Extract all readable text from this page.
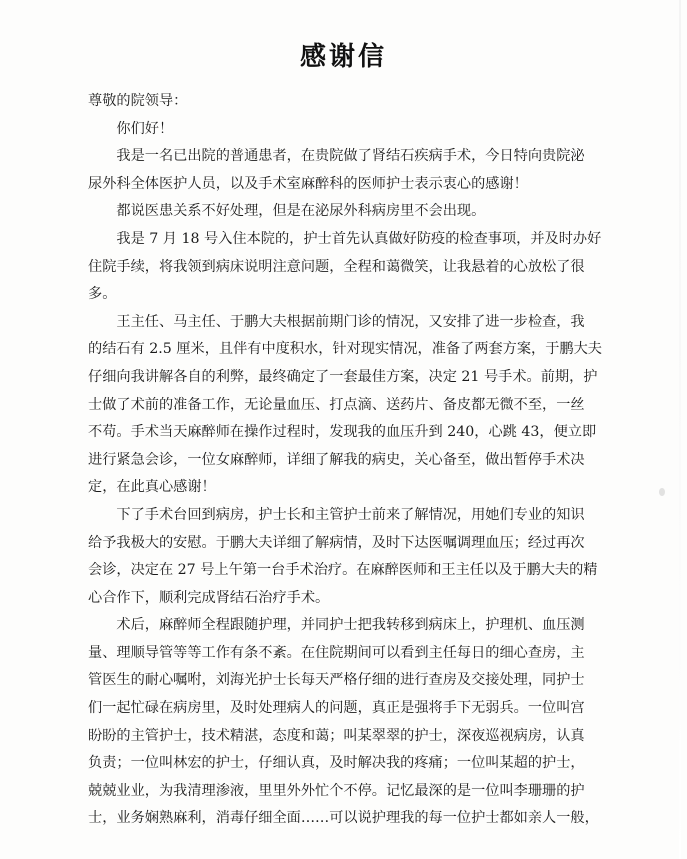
感谢信
尊敬的院领导：
　　你们好！
　　我是一名已出院的普通患者，在贵院做了肾结石疾病手术，今日特向贵院泌
尿外科全体医护人员，以及手术室麻醉科的医师护士表示衷心的感谢！
　　都说医患关系不好处理，但是在泌尿外科病房里不会出现。
　　我是 7 月 18 号入住本院的，护士首先认真做好防疫的检查事项，并及时办好
住院手续，将我领到病床说明注意问题，全程和蔼微笑，让我悬着的心放松了很
多。
　　王主任、马主任、于鹏大夫根据前期门诊的情况，又安排了进一步检查，我
的结石有 2.5 厘米，且伴有中度积水，针对现实情况，准备了两套方案，于鹏大夫
仔细向我讲解各自的利弊，最终确定了一套最佳方案，决定 21 号手术。前期，护
士做了术前的准备工作，无论量血压、打点滴、送药片、备皮都无微不至，一丝
不苟。手术当天麻醉师在操作过程时，发现我的血压升到 240，心跳 43，便立即
进行紧急会诊，一位女麻醉师，详细了解我的病史，关心备至，做出暂停手术决
定，在此真心感谢！
　　下了手术台回到病房，护士长和主管护士前来了解情况，用她们专业的知识
给予我极大的安慰。于鹏大夫详细了解病情，及时下达医嘱调理血压；经过再次
会诊，决定在 27 号上午第一台手术治疗。在麻醉医师和王主任以及于鹏大夫的精
心合作下，顺利完成肾结石治疗手术。
　　术后，麻醉师全程跟随护理，并同护士把我转移到病床上，护理机、血压测
量、理顺导管等等工作有条不紊。在住院期间可以看到主任每日的细心查房，主
管医生的耐心嘱咐，刘海光护士长每天严格仔细的进行查房及交接处理，同护士
们一起忙碌在病房里，及时处理病人的问题，真正是强将手下无弱兵。一位叫宫
盼盼的主管护士，技术精湛，态度和蔼；叫某翠翠的护士，深夜巡视病房，认真
负责；一位叫林宏的护士，仔细认真，及时解决我的疼痛；一位叫某超的护士，
兢兢业业，为我清理渗液，里里外外忙个不停。记忆最深的是一位叫李珊珊的护
士，业务娴熟麻利，消毒仔细全面……可以说护理我的每一位护士都如亲人一般，
